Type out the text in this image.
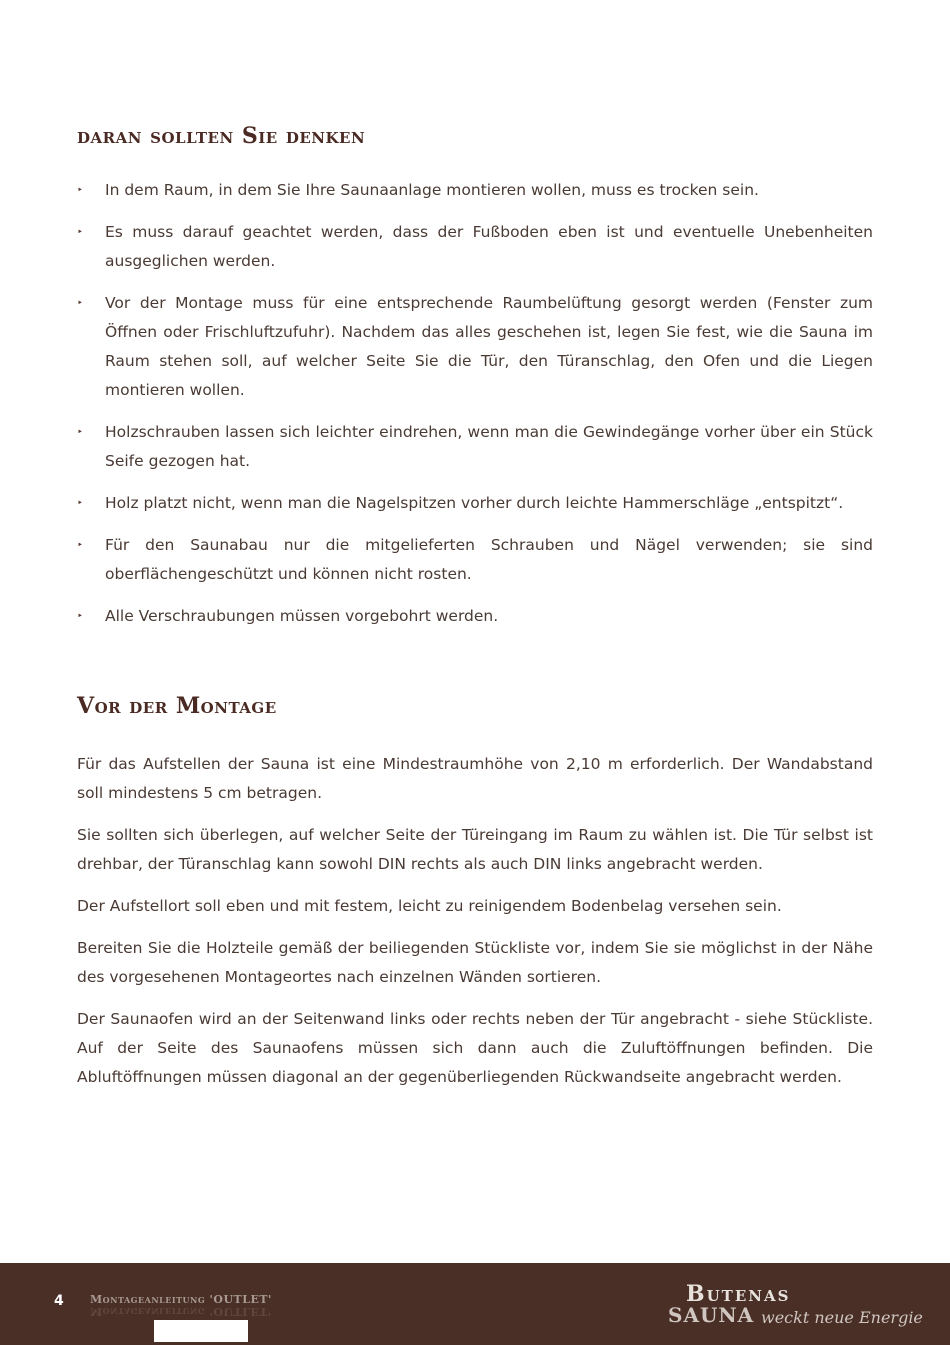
daran sollten Sie denken
‣ In dem Raum, in dem Sie Ihre Saunaanlage montieren wollen, muss es trocken sein.
‣ Es muss darauf geachtet werden, dass der Fußboden eben ist und eventuelle Unebenheiten ausgeglichen werden.
‣ Vor der Montage muss für eine entsprechende Raumbelüftung gesorgt werden (Fenster zum Öffnen oder Frischluftzufuhr). Nachdem das alles geschehen ist, legen Sie fest, wie die Sauna im Raum stehen soll, auf welcher Seite Sie die Tür, den Türanschlag, den Ofen und die Liegen montieren wollen.
‣ Holzschrauben lassen sich leichter eindrehen, wenn man die Gewindegänge vorher über ein Stück Seife gezogen hat.
‣ Holz platzt nicht, wenn man die Nagelspitzen vorher durch leichte Hammerschläge „entspitzt“.
‣ Für den Saunabau nur die mitgelieferten Schrauben und Nägel verwenden; sie sind oberflächengeschützt und können nicht rosten.
‣ Alle Verschraubungen müssen vorgebohrt werden.
Vor der Montage

Für das Aufstellen der Sauna ist eine Mindestraumhöhe von 2,10 m erforderlich. Der Wandabstand soll mindestens 5 cm betragen.

Sie sollten sich überlegen, auf welcher Seite der Türeingang im Raum zu wählen ist. Die Tür selbst ist drehbar, der Türanschlag kann sowohl DIN rechts als auch DIN links angebracht werden.

Der Aufstellort soll eben und mit festem, leicht zu reinigendem Bodenbelag versehen sein.

Bereiten Sie die Holzteile gemäß der beiliegenden Stückliste vor, indem Sie sie möglichst in der Nähe des vorgesehenen Montageortes nach einzelnen Wänden sortieren.

Der Saunaofen wird an der Seitenwand links oder rechts neben der Tür angebracht - siehe Stückliste. Auf der Seite des Saunaofens müssen sich dann auch die Zuluftöffnungen befinden. Die Abluftöffnungen müssen diagonal an der gegenüberliegenden Rückwandseite angebracht werden.

4 Montageanleitung 'OUTLET'
Montageanleitung 'OUTLET'
Butenas
SAUNA weckt neue Energie
